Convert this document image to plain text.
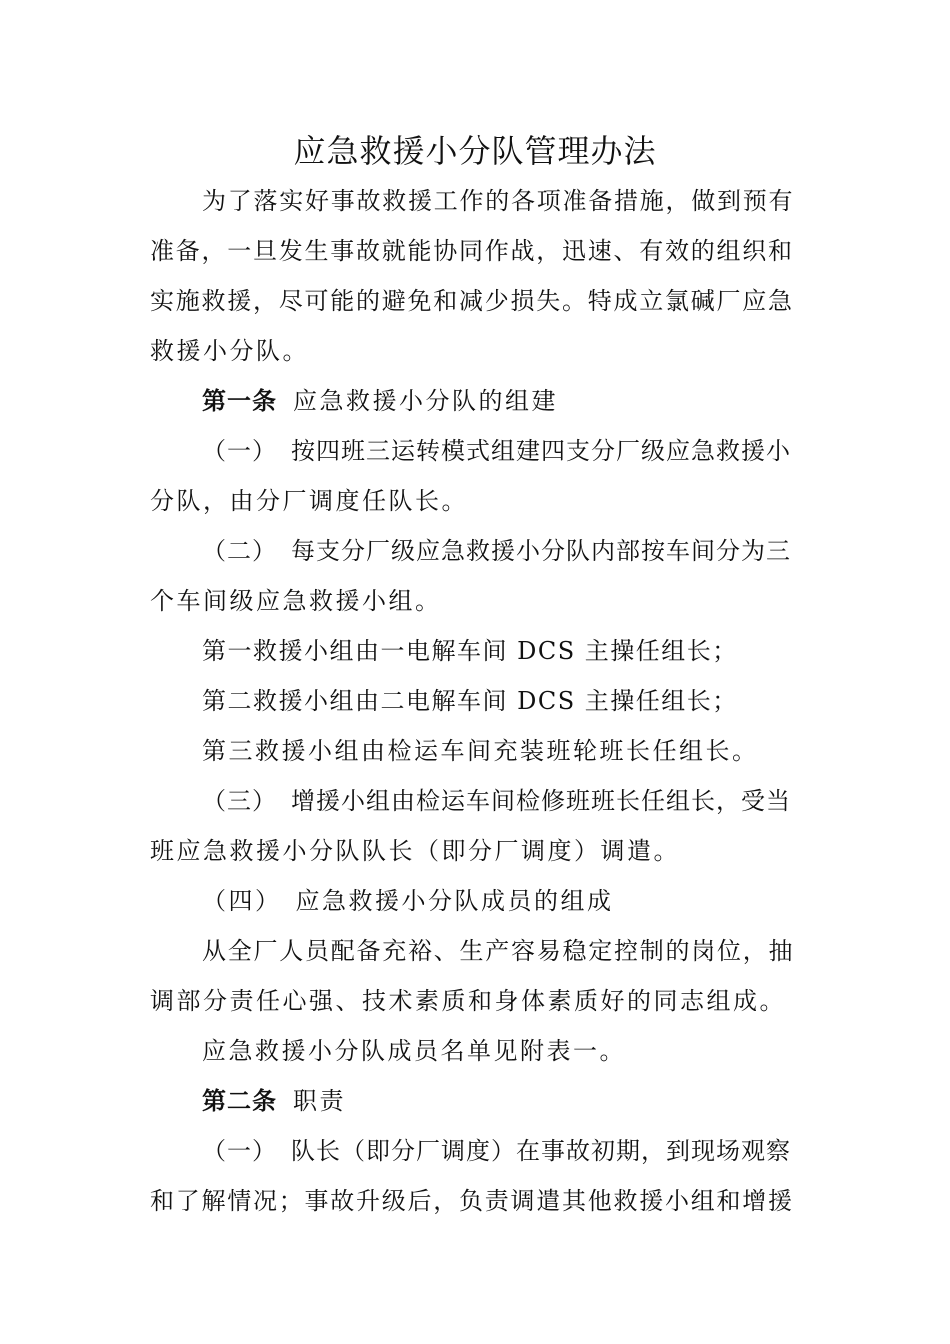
应急救援小分队管理办法
为了落实好事故救援工作的各项准备措施，做到预有
准备，一旦发生事故就能协同作战，迅速、有效的组织和
实施救援，尽可能的避免和减少损失。特成立氯碱厂应急
救援小分队。
第一条 应急救援小分队的组建
（一） 按四班三运转模式组建四支分厂级应急救援小
分队，由分厂调度任队长。
（二） 每支分厂级应急救援小分队内部按车间分为三
个车间级应急救援小组。
第一救援小组由一电解车间 DCS 主操任组长；
第二救援小组由二电解车间 DCS 主操任组长；
第三救援小组由检运车间充装班轮班长任组长。
（三） 增援小组由检运车间检修班班长任组长，受当
班应急救援小分队队长（即分厂调度）调遣。
（四） 应急救援小分队成员的组成
从全厂人员配备充裕、生产容易稳定控制的岗位，抽
调部分责任心强、技术素质和身体素质好的同志组成。
应急救援小分队成员名单见附表一。
第二条 职责
（一） 队长（即分厂调度）在事故初期，到现场观察
和了解情况；事故升级后，负责调遣其他救援小组和增援
